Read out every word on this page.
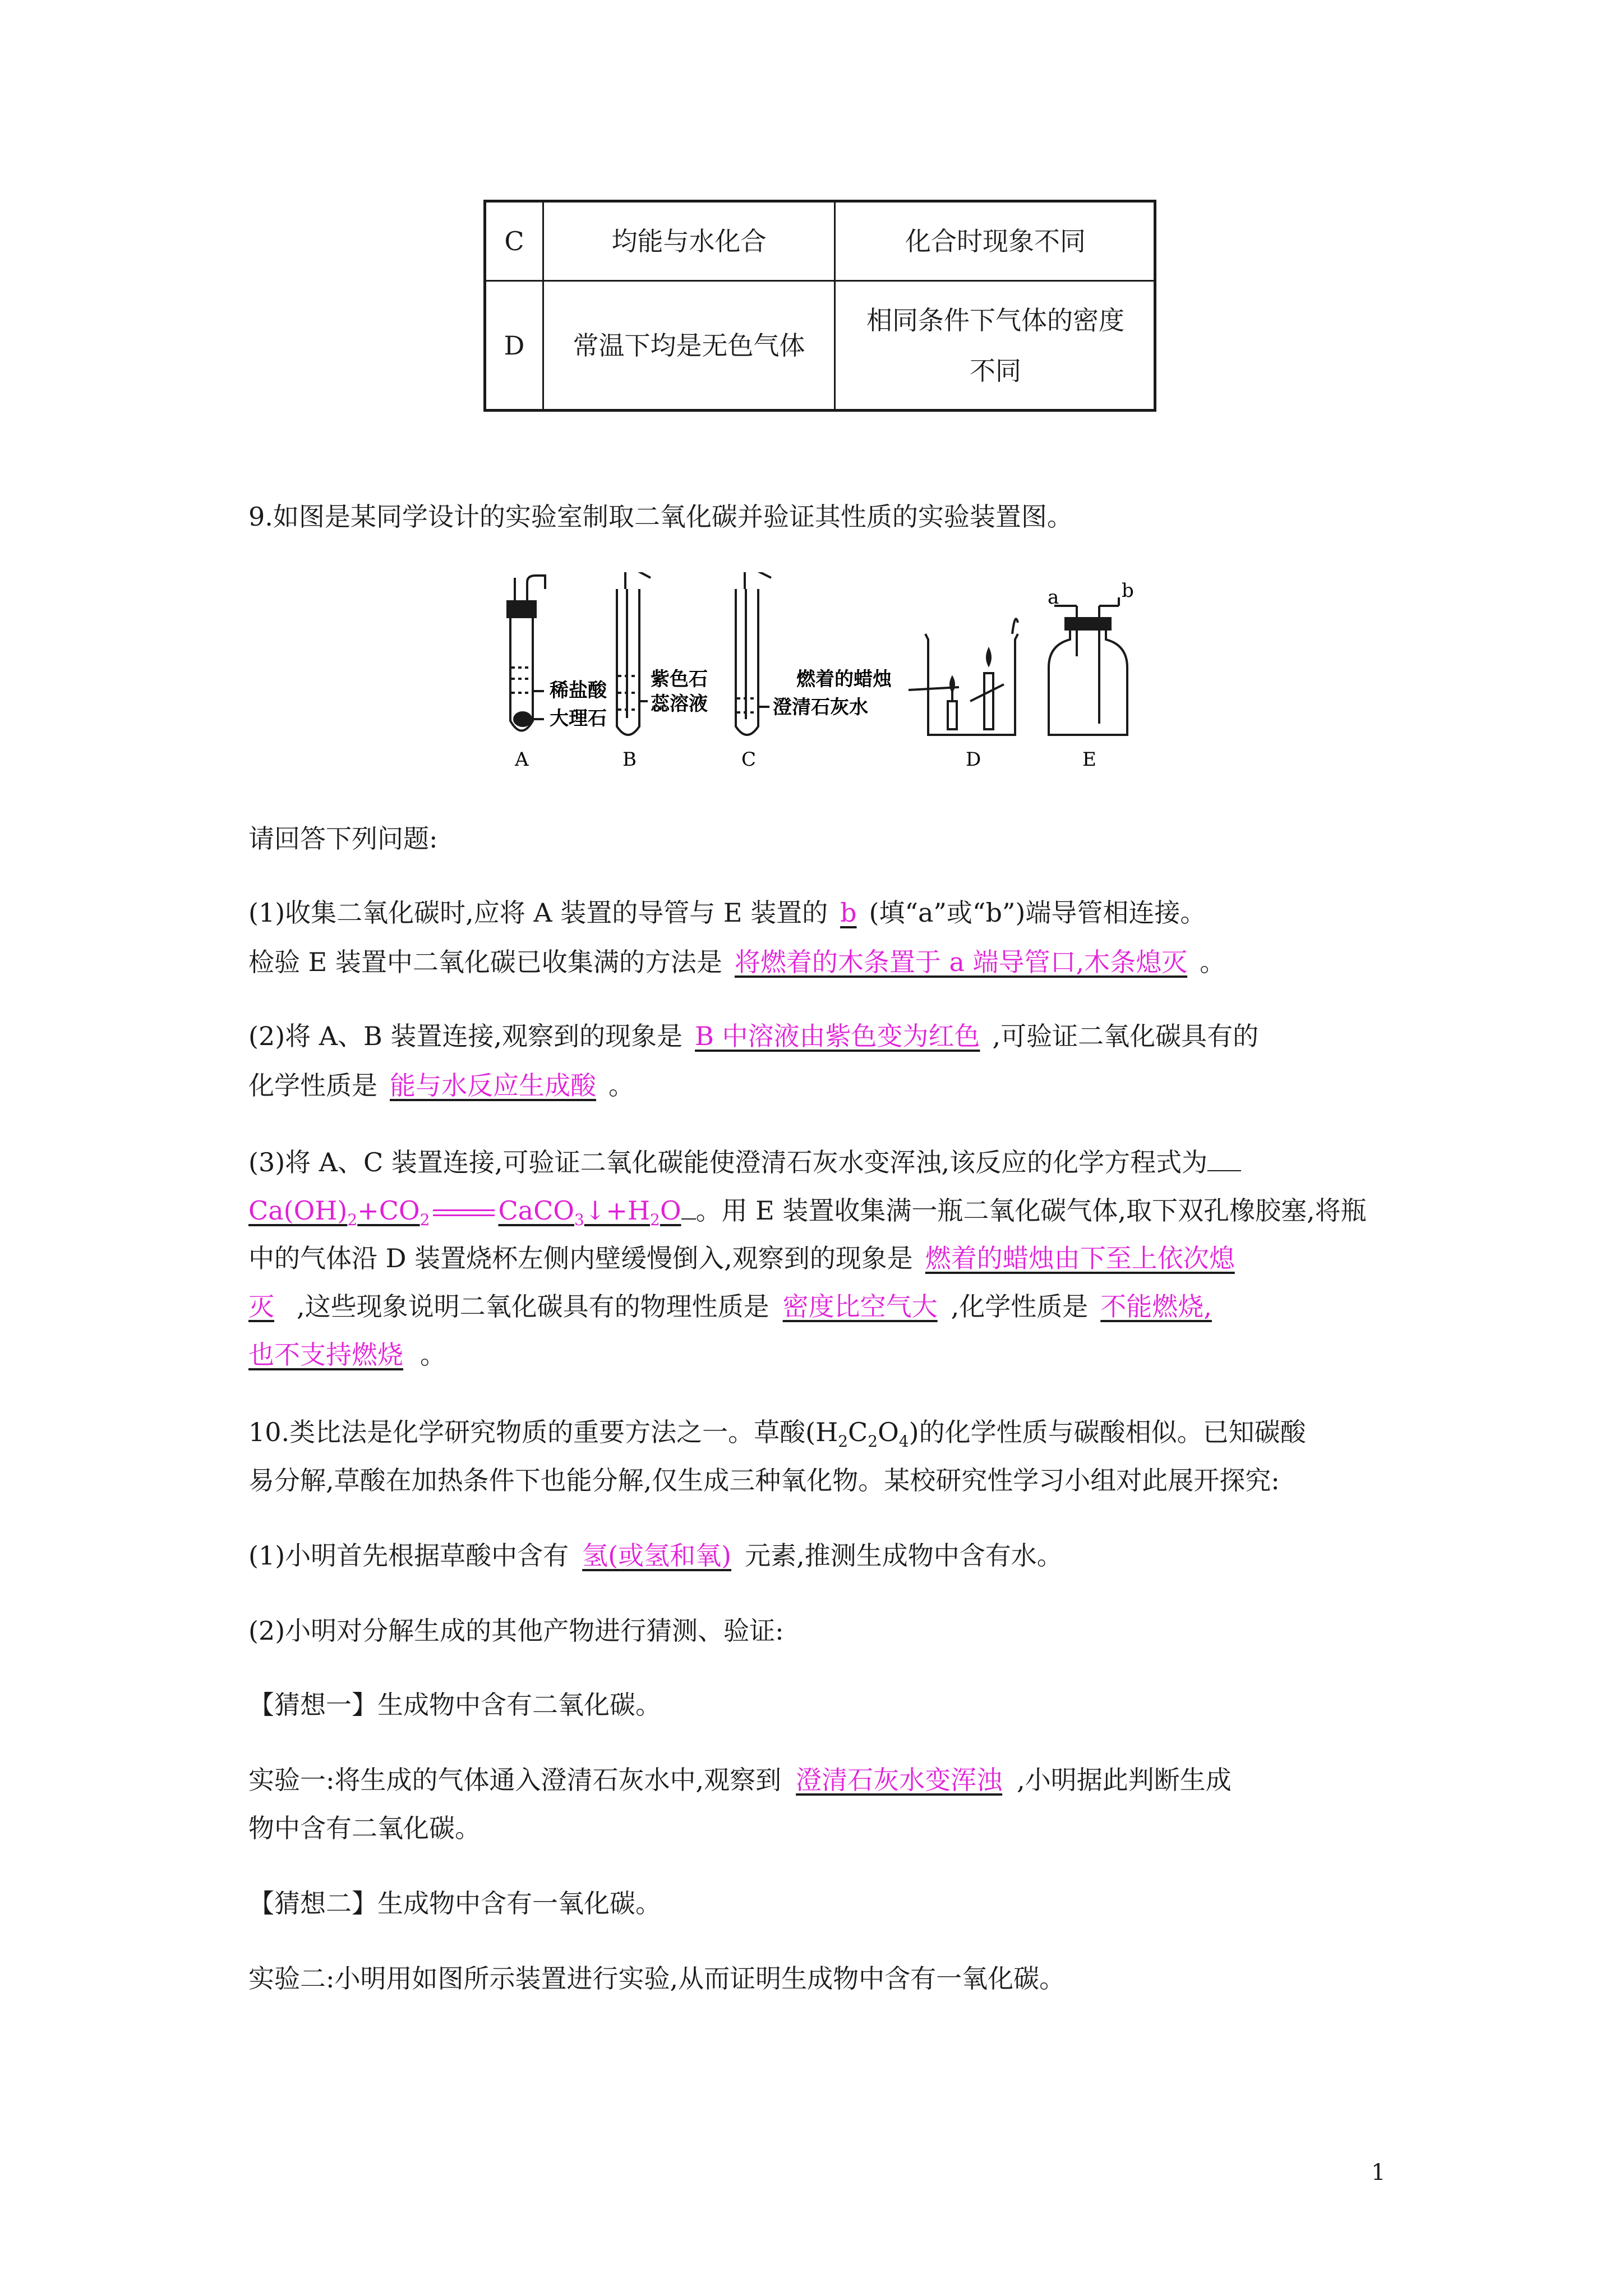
C	均能与水化合	化合时现象不同
D	常温下均是无色气体
相同条件下气体的密度
不同
9.如图是某同学设计的实验室制取二氧化碳并验证其性质的实验装置图。
稀盐酸
大理石
紫色石
蕊溶液	澄清石灰水
燃着的蜡烛
a	b
A	B	C	D	E
请回答下列问题:
(1)收集二氧化碳时,应将 A 装置的导管与 E 装置的 b (填“a”或“b”)端导管相连接。
检验 E 装置中二氧化碳已收集满的方法是 将燃着的木条置于 a 端导管口,木条熄灭 。
(2)将 A、B 装置连接,观察到的现象是 B 中溶液由紫色变为红色 ,可验证二氧化碳具有的
化学性质是 能与水反应生成酸 。
(3)将 A、C 装置连接,可验证二氧化碳能使澄清石灰水变浑浊,该反应的化学方程式为
$Ca(OH)_2+CO_2$	$CaCO_3↓+H_2O$ 。用 E 装置收集满一瓶二氧化碳气体,取下双孔橡胶塞,将瓶
中的气体沿 D 装置烧杯左侧内壁缓慢倒入,观察到的现象是 燃着的蜡烛由下至上依次熄
灭 ,这些现象说明二氧化碳具有的物理性质是 密度比空气大 ,化学性质是 不能燃烧,
也不支持燃烧 。
10.类比法是化学研究物质的重要方法之一。草酸$(H_2C_2O_4)$的化学性质与碳酸相似。已知碳酸
易分解,草酸在加热条件下也能分解,仅生成三种氧化物。某校研究性学习小组对此展开探究:
(1)小明首先根据草酸中含有 氢(或氢和氧) 元素,推测生成物中含有水。
(2)小明对分解生成的其他产物进行猜测、验证:
【猜想一】生成物中含有二氧化碳。
实验一:将生成的气体通入澄清石灰水中,观察到 澄清石灰水变浑浊 ,小明据此判断生成
物中含有二氧化碳。
【猜想二】生成物中含有一氧化碳。
实验二:小明用如图所示装置进行实验,从而证明生成物中含有一氧化碳。
1
